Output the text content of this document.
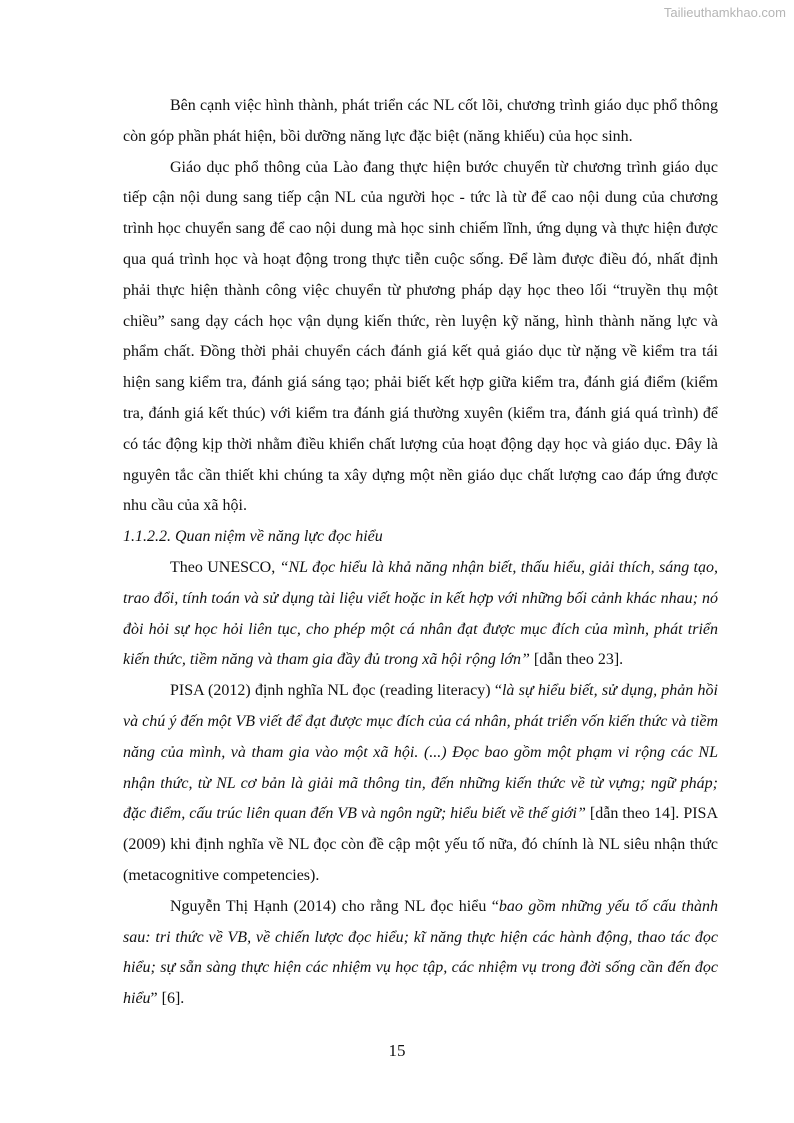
Tailieuthamkhao.com

Bên cạnh việc hình thành, phát triển các NL cốt lõi, chương trình giáo dục phổ thông còn góp phần phát hiện, bồi dưỡng năng lực đặc biệt (năng khiếu) của học sinh.

Giáo dục phổ thông của Lào đang thực hiện bước chuyển từ chương trình giáo dục tiếp cận nội dung sang tiếp cận NL của người học - tức là từ để cao nội dung của chương trình học chuyển sang để cao nội dung mà học sinh chiếm lĩnh, ứng dụng và thực hiện được qua quá trình học và hoạt động trong thực tiễn cuộc sống. Để làm được điều đó, nhất định phải thực hiện thành công việc chuyển từ phương pháp dạy học theo lối “truyền thụ một chiều” sang dạy cách học vận dụng kiến thức, rèn luyện kỹ năng, hình thành năng lực và phẩm chất. Đồng thời phải chuyển cách đánh giá kết quả giáo dục từ nặng về kiểm tra tái hiện sang kiểm tra, đánh giá sáng tạo; phải biết kết hợp giữa kiểm tra, đánh giá điểm (kiểm tra, đánh giá kết thúc) với kiểm tra đánh giá thường xuyên (kiểm tra, đánh giá quá trình) để có tác động kịp thời nhằm điều khiển chất lượng của hoạt động dạy học và giáo dục. Đây là nguyên tắc cần thiết khi chúng ta xây dựng một nền giáo dục chất lượng cao đáp ứng được nhu cầu của xã hội.

1.1.2.2. Quan niệm về năng lực đọc hiểu

Theo UNESCO, “NL đọc hiểu là khả năng nhận biết, thấu hiểu, giải thích, sáng tạo, trao đổi, tính toán và sử dụng tài liệu viết hoặc in kết hợp với những bối cảnh khác nhau; nó đòi hỏi sự học hỏi liên tục, cho phép một cá nhân đạt được mục đích của mình, phát triển kiến thức, tiềm năng và tham gia đầy đủ trong xã hội rộng lớn” [dẫn theo 23].

PISA (2012) định nghĩa NL đọc (reading literacy) “là sự hiểu biết, sử dụng, phản hồi và chú ý đến một VB viết để đạt được mục đích của cá nhân, phát triển vốn kiến thức và tiềm năng của mình, và tham gia vào một xã hội. (...) Đọc bao gồm một phạm vi rộng các NL nhận thức, từ NL cơ bản là giải mã thông tin, đến những kiến thức về từ vựng; ngữ pháp; đặc điểm, cấu trúc liên quan đến VB và ngôn ngữ; hiểu biết về thế giới” [dẫn theo 14]. PISA (2009) khi định nghĩa về NL đọc còn đề cập một yếu tố nữa, đó chính là NL siêu nhận thức (metacognitive competencies).

Nguyễn Thị Hạnh (2014) cho rằng NL đọc hiểu “bao gồm những yếu tố cấu thành sau: tri thức về VB, về chiến lược đọc hiểu; kĩ năng thực hiện các hành động, thao tác đọc hiểu; sự sẵn sàng thực hiện các nhiệm vụ học tập, các nhiệm vụ trong đời sống cần đến đọc hiểu” [6].

15
